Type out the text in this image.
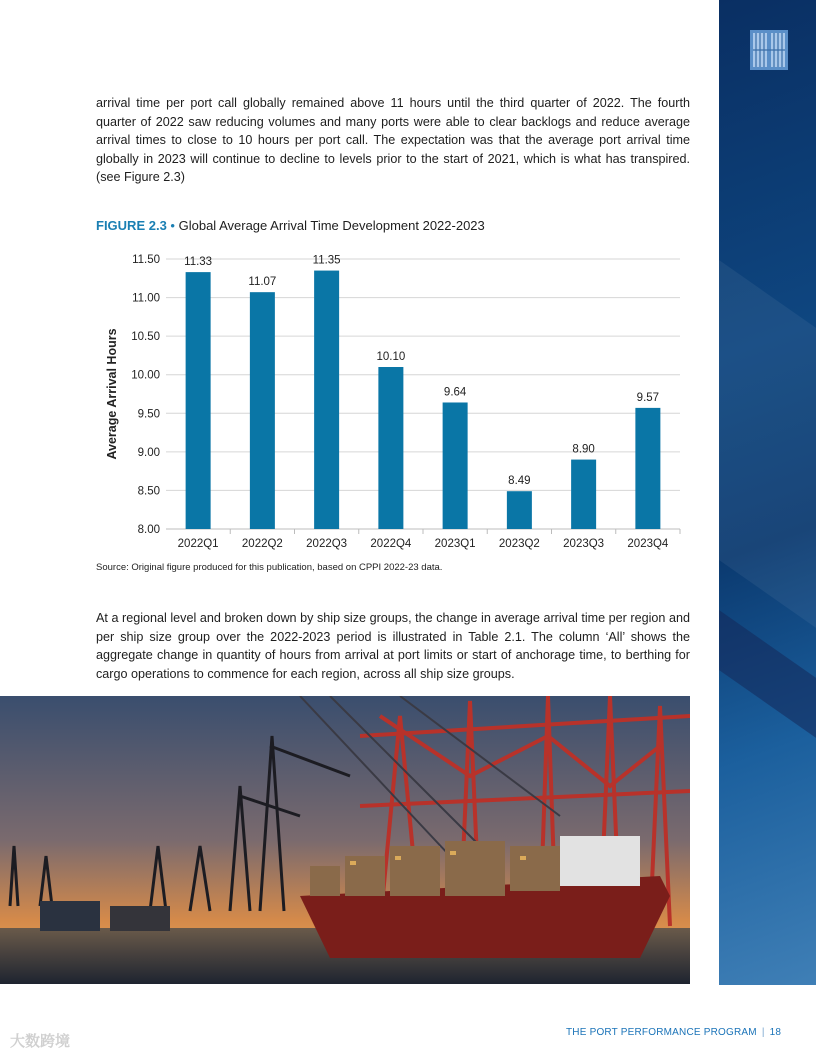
arrival time per port call globally remained above 11 hours until the third quarter of 2022. The fourth quarter of 2022 saw reducing volumes and many ports were able to clear backlogs and reduce average arrival times to close to 10 hours per port call. The expectation was that the average port arrival time globally in 2023 will continue to decline to levels prior to the start of 2021, which is what has transpired. (see Figure 2.3)

FIGURE 2.3 • Global Average Arrival Time Development 2022-2023

8.00
8.50
9.00
9.50
10.00
10.50
11.00
11.50 11.33
2022Q1
11.07
2022Q2
11.35
2022Q3
10.10
2022Q4
9.64
2023Q1
8.49
2023Q2
8.90
2023Q3
9.57
2023Q4
Average Arrival Hours

Source: Original figure produced for this publication, based on CPPI 2022-23 data.

At a regional level and broken down by ship size groups, the change in average arrival time per region and per ship size group over the 2022-2023 period is illustrated in Table 2.1. The column ‘All’ shows the aggregate change in quantity of hours from arrival at port limits or start of anchorage time, to berthing for cargo operations to commence for each region, across all ship size groups.

THE PORT PERFORMANCE PROGRAM | 18
大数跨境
